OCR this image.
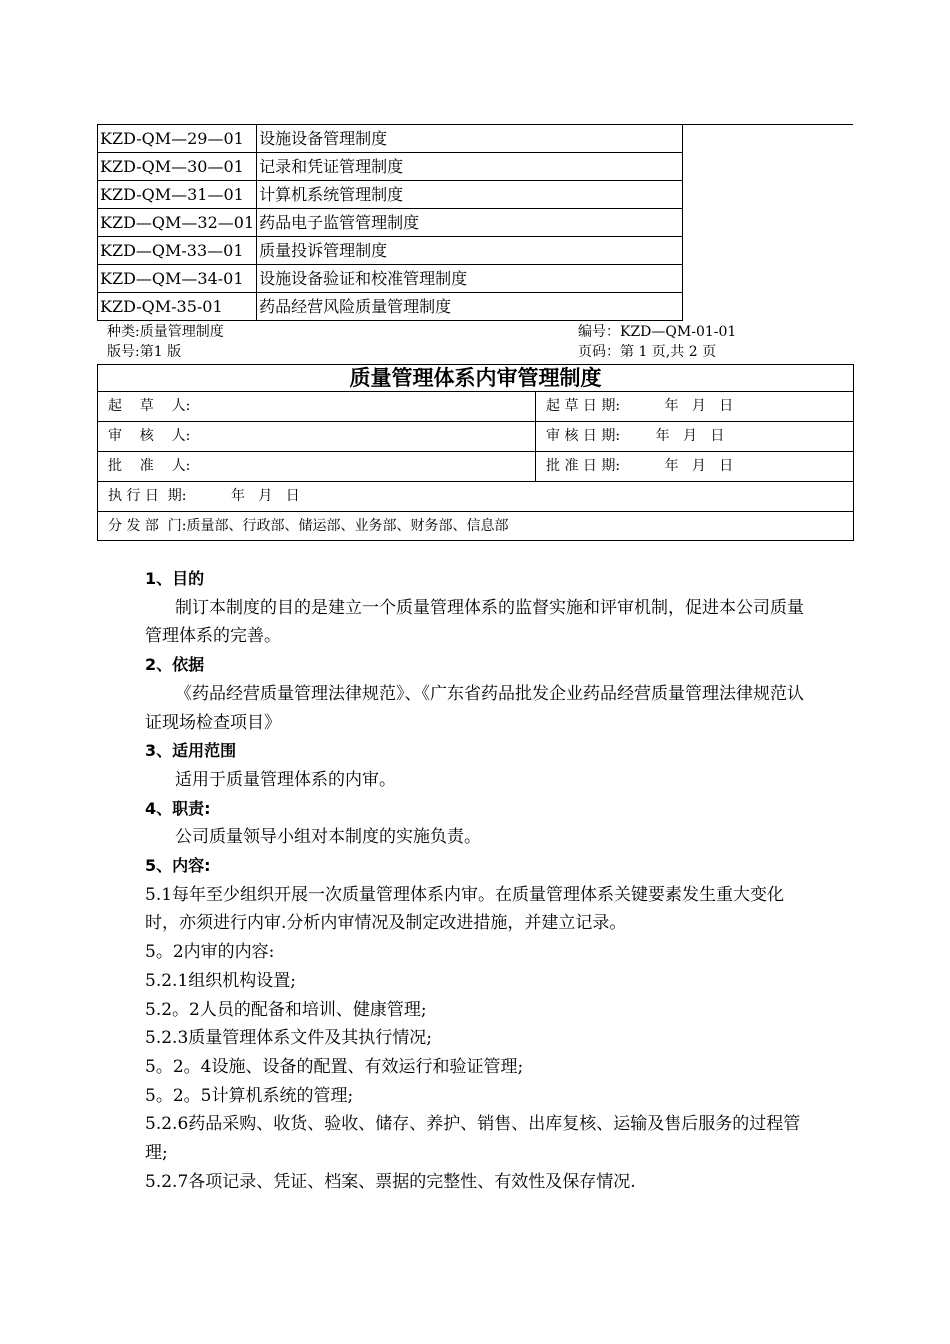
KZD-QM—29—01	设施设备管理制度
KZD-QM—30—01	记录和凭证管理制度
KZD-QM—31—01	计算机系统管理制度
KZD—QM—32—01	药品电子监管管理制度
KZD—QM-33—01	质量投诉管理制度
KZD—QM—34-01	设施设备验证和校准管理制度
KZD-QM-35-01	药品经营风险质量管理制度
种类:质量管理制度	编号：KZD—QM-01-01
版号:第1 版	页码：第 1 页,共 2 页
质量管理体系内审管理制度
起    草    人:	起 草 日 期:          年   月   日
审    核    人:	审 核 日 期:        年   月   日
批    准    人:	批 准 日 期:          年   月   日
执 行 日  期:          年   月   日
分 发 部  门:质量部、行政部、储运部、业务部、财务部、信息部
1、目的
制订本制度的目的是建立一个质量管理体系的监督实施和评审机制，促进本公司质量管理体系的完善。
2、依据
《药品经营质量管理法律规范》、《广东省药品批发企业药品经营质量管理法律规范认证现场检查项目》
3、适用范围
适用于质量管理体系的内审。
4、职责:
公司质量领导小组对本制度的实施负责。
5、内容:
5.1每年至少组织开展一次质量管理体系内审。在质量管理体系关键要素发生重大变化时，亦须进行内审.分析内审情况及制定改进措施，并建立记录。
5。2内审的内容:
5.2.1组织机构设置;
5.2。2人员的配备和培训、健康管理;
5.2.3质量管理体系文件及其执行情况;
5。2。4设施、设备的配置、有效运行和验证管理;
5。2。5计算机系统的管理;
5.2.6药品采购、收货、验收、储存、养护、销售、出库复核、运输及售后服务的过程管理;
5.2.7各项记录、凭证、档案、票据的完整性、有效性及保存情况.
